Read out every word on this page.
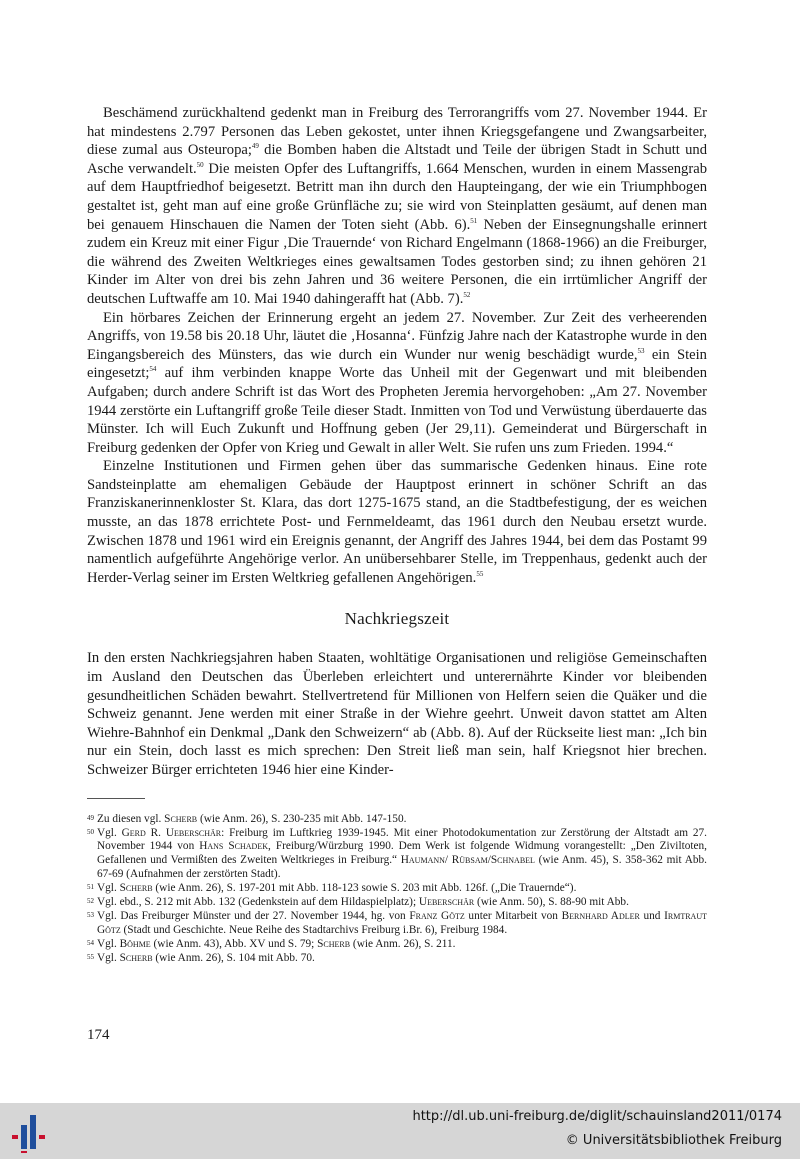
Beschämend zurückhaltend gedenkt man in Freiburg des Terrorangriffs vom 27. November 1944. Er hat mindestens 2.797 Personen das Leben gekostet, unter ihnen Kriegsgefangene und Zwangsarbeiter, diese zumal aus Osteuropa;$^{49}$ die Bomben haben die Altstadt und Teile der übrigen Stadt in Schutt und Asche verwandelt.$^{50}$ Die meisten Opfer des Luftangriffs, 1.664 Menschen, wurden in einem Massengrab auf dem Hauptfriedhof beigesetzt. Betritt man ihn durch den Haupteingang, der wie ein Triumphbogen gestaltet ist, geht man auf eine große Grünfläche zu; sie wird von Steinplatten gesäumt, auf denen man bei genauem Hinschauen die Namen der Toten sieht (Abb. 6).$^{51}$ Neben der Einsegnungshalle erinnert zudem ein Kreuz mit einer Figur ‚Die Trauernde‘ von Richard Engelmann (1868-1966) an die Freiburger, die während des Zweiten Weltkrieges eines gewaltsamen Todes gestorben sind; zu ihnen gehören 21 Kinder im Alter von drei bis zehn Jahren und 36 weitere Personen, die ein irrtümlicher Angriff der deutschen Luftwaffe am 10. Mai 1940 dahingerafft hat (Abb. 7).$^{52}$

Ein hörbares Zeichen der Erinnerung ergeht an jedem 27. November. Zur Zeit des verheerenden Angriffs, von 19.58 bis 20.18 Uhr, läutet die ‚Hosanna‘. Fünfzig Jahre nach der Katastrophe wurde in den Eingangsbereich des Münsters, das wie durch ein Wunder nur wenig beschädigt wurde,$^{53}$ ein Stein eingesetzt;$^{54}$ auf ihm verbinden knappe Worte das Unheil mit der Gegenwart und mit bleibenden Aufgaben; durch andere Schrift ist das Wort des Propheten Jeremia hervorgehoben: „Am 27. November 1944 zerstörte ein Luftangriff große Teile dieser Stadt. Inmitten von Tod und Verwüstung überdauerte das Münster. Ich will Euch Zukunft und Hoffnung geben (Jer 29,11). Gemeinderat und Bürgerschaft in Freiburg gedenken der Opfer von Krieg und Gewalt in aller Welt. Sie rufen uns zum Frieden. 1994.“

Einzelne Institutionen und Firmen gehen über das summarische Gedenken hinaus. Eine rote Sandsteinplatte am ehemaligen Gebäude der Hauptpost erinnert in schöner Schrift an das Franziskanerinnenkloster St. Klara, das dort 1275-1675 stand, an die Stadtbefestigung, der es weichen musste, an das 1878 errichtete Post- und Fernmeldeamt, das 1961 durch den Neubau ersetzt wurde. Zwischen 1878 und 1961 wird ein Ereignis genannt, der Angriff des Jahres 1944, bei dem das Postamt 99 namentlich aufgeführte Angehörige verlor. An unübersehbarer Stelle, im Treppenhaus, gedenkt auch der Herder-Verlag seiner im Ersten Weltkrieg gefallenen Angehörigen.$^{55}$

Nachkriegszeit

In den ersten Nachkriegsjahren haben Staaten, wohltätige Organisationen und religiöse Gemeinschaften im Ausland den Deutschen das Überleben erleichtert und unterernährte Kinder vor bleibenden gesundheitlichen Schäden bewahrt. Stellvertretend für Millionen von Helfern seien die Quäker und die Schweiz genannt. Jene werden mit einer Straße in der Wiehre geehrt. Unweit davon stattet am Alten Wiehre-Bahnhof ein Denkmal „Dank den Schweizern“ ab (Abb. 8). Auf der Rückseite liest man: „Ich bin nur ein Stein, doch lasst es mich sprechen: Den Streit ließ man sein, half Kriegsnot hier brechen. Schweizer Bürger errichteten 1946 hier eine Kinder-

49 Zu diesen vgl. Scherb (wie Anm. 26), S. 230-235 mit Abb. 147-150.
50 Vgl. Gerd R. Ueberschär: Freiburg im Luftkrieg 1939-1945. Mit einer Photodokumentation zur Zerstörung der Altstadt am 27. November 1944 von Hans Schadek, Freiburg/Würzburg 1990. Dem Werk ist folgende Widmung vorangestellt: „Den Ziviltoten, Gefallenen und Vermißten des Zweiten Weltkrieges in Freiburg.“ Haumann/ Rübsam/Schnabel (wie Anm. 45), S. 358-362 mit Abb. 67-69 (Aufnahmen der zerstörten Stadt).
51 Vgl. Scherb (wie Anm. 26), S. 197-201 mit Abb. 118-123 sowie S. 203 mit Abb. 126f. („Die Trauernde“).
52 Vgl. ebd., S. 212 mit Abb. 132 (Gedenkstein auf dem Hildaspielplatz); Ueberschär (wie Anm. 50), S. 88-90 mit Abb.
53 Vgl. Das Freiburger Münster und der 27. November 1944, hg. von Franz Götz unter Mitarbeit von Bernhard Adler und Irmtraut Götz (Stadt und Geschichte. Neue Reihe des Stadtarchivs Freiburg i.Br. 6), Freiburg 1984.
54 Vgl. Böhme (wie Anm. 43), Abb. XV und S. 79; Scherb (wie Anm. 26), S. 211.
55 Vgl. Scherb (wie Anm. 26), S. 104 mit Abb. 70.
174
http://dl.ub.uni-freiburg.de/diglit/schauinsland2011/0174
© Universitätsbibliothek Freiburg
